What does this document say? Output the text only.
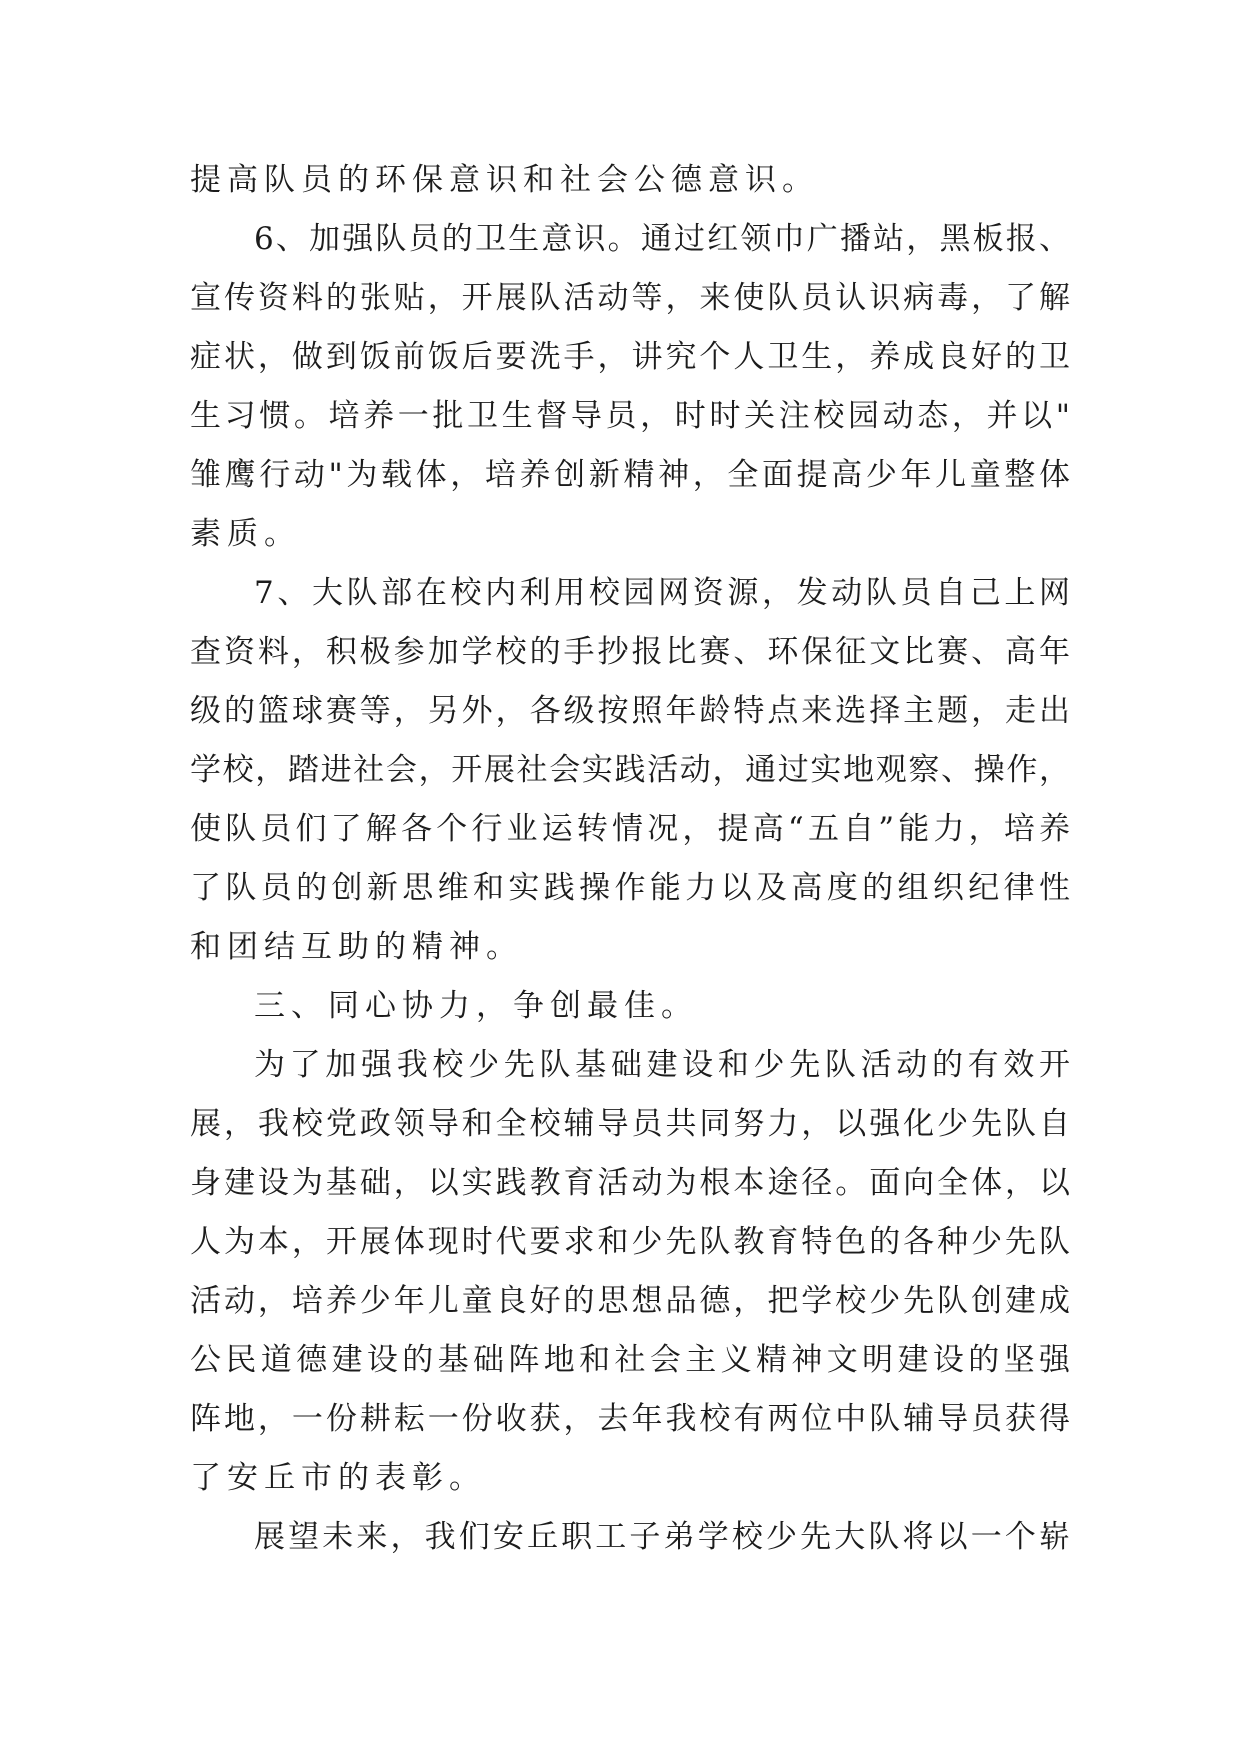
提高队员的环保意识和社会公德意识。
6、加强队员的卫生意识。通过红领巾广播站，黑板报、
宣传资料的张贴，开展队活动等，来使队员认识病毒，了解
症状，做到饭前饭后要洗手，讲究个人卫生，养成良好的卫
生习惯。培养一批卫生督导员，时时关注校园动态，并以"
雏鹰行动"为载体，培养创新精神，全面提高少年儿童整体
素质。
7、大队部在校内利用校园网资源，发动队员自己上网
查资料，积极参加学校的手抄报比赛、环保征文比赛、高年
级的篮球赛等，另外，各级按照年龄特点来选择主题，走出
学校，踏进社会，开展社会实践活动，通过实地观察、操作，
使队员们了解各个行业运转情况，提高“五自”能力，培养
了队员的创新思维和实践操作能力以及高度的组织纪律性
和团结互助的精神。
三、同心协力，争创最佳。
为了加强我校少先队基础建设和少先队活动的有效开
展，我校党政领导和全校辅导员共同努力，以强化少先队自
身建设为基础，以实践教育活动为根本途径。面向全体，以
人为本，开展体现时代要求和少先队教育特色的各种少先队
活动，培养少年儿童良好的思想品德，把学校少先队创建成
公民道德建设的基础阵地和社会主义精神文明建设的坚强
阵地，一份耕耘一份收获，去年我校有两位中队辅导员获得
了安丘市的表彰。
展望未来，我们安丘职工子弟学校少先大队将以一个崭
